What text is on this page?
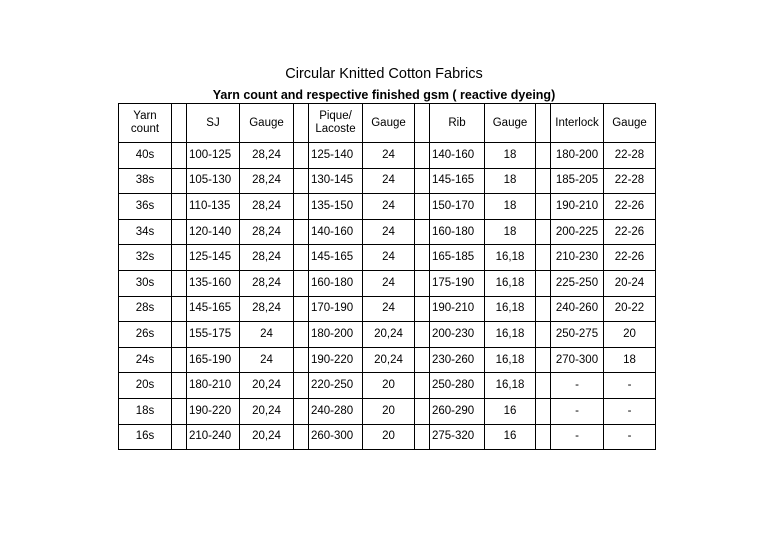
Circular Knitted Cotton Fabrics
Yarn count and respective finished gsm ( reactive dyeing)
Yarn count		SJ	Gauge		Pique/ Lacoste	Gauge		Rib	Gauge		Interlock	Gauge
40s		100-125	28,24		125-140	24		140-160	18		180-200	22-28
38s		105-130	28,24		130-145	24		145-165	18		185-205	22-28
36s		110-135	28,24		135-150	24		150-170	18		190-210	22-26
34s		120-140	28,24		140-160	24		160-180	18		200-225	22-26
32s		125-145	28,24		145-165	24		165-185	16,18		210-230	22-26
30s		135-160	28,24		160-180	24		175-190	16,18		225-250	20-24
28s		145-165	28,24		170-190	24		190-210	16,18		240-260	20-22
26s		155-175	24		180-200	20,24		200-230	16,18		250-275	20
24s		165-190	24		190-220	20,24		230-260	16,18		270-300	18
20s		180-210	20,24		220-250	20		250-280	16,18		-	-
18s		190-220	20,24		240-280	20		260-290	16		-	-
16s		210-240	20,24		260-300	20		275-320	16		-	-
